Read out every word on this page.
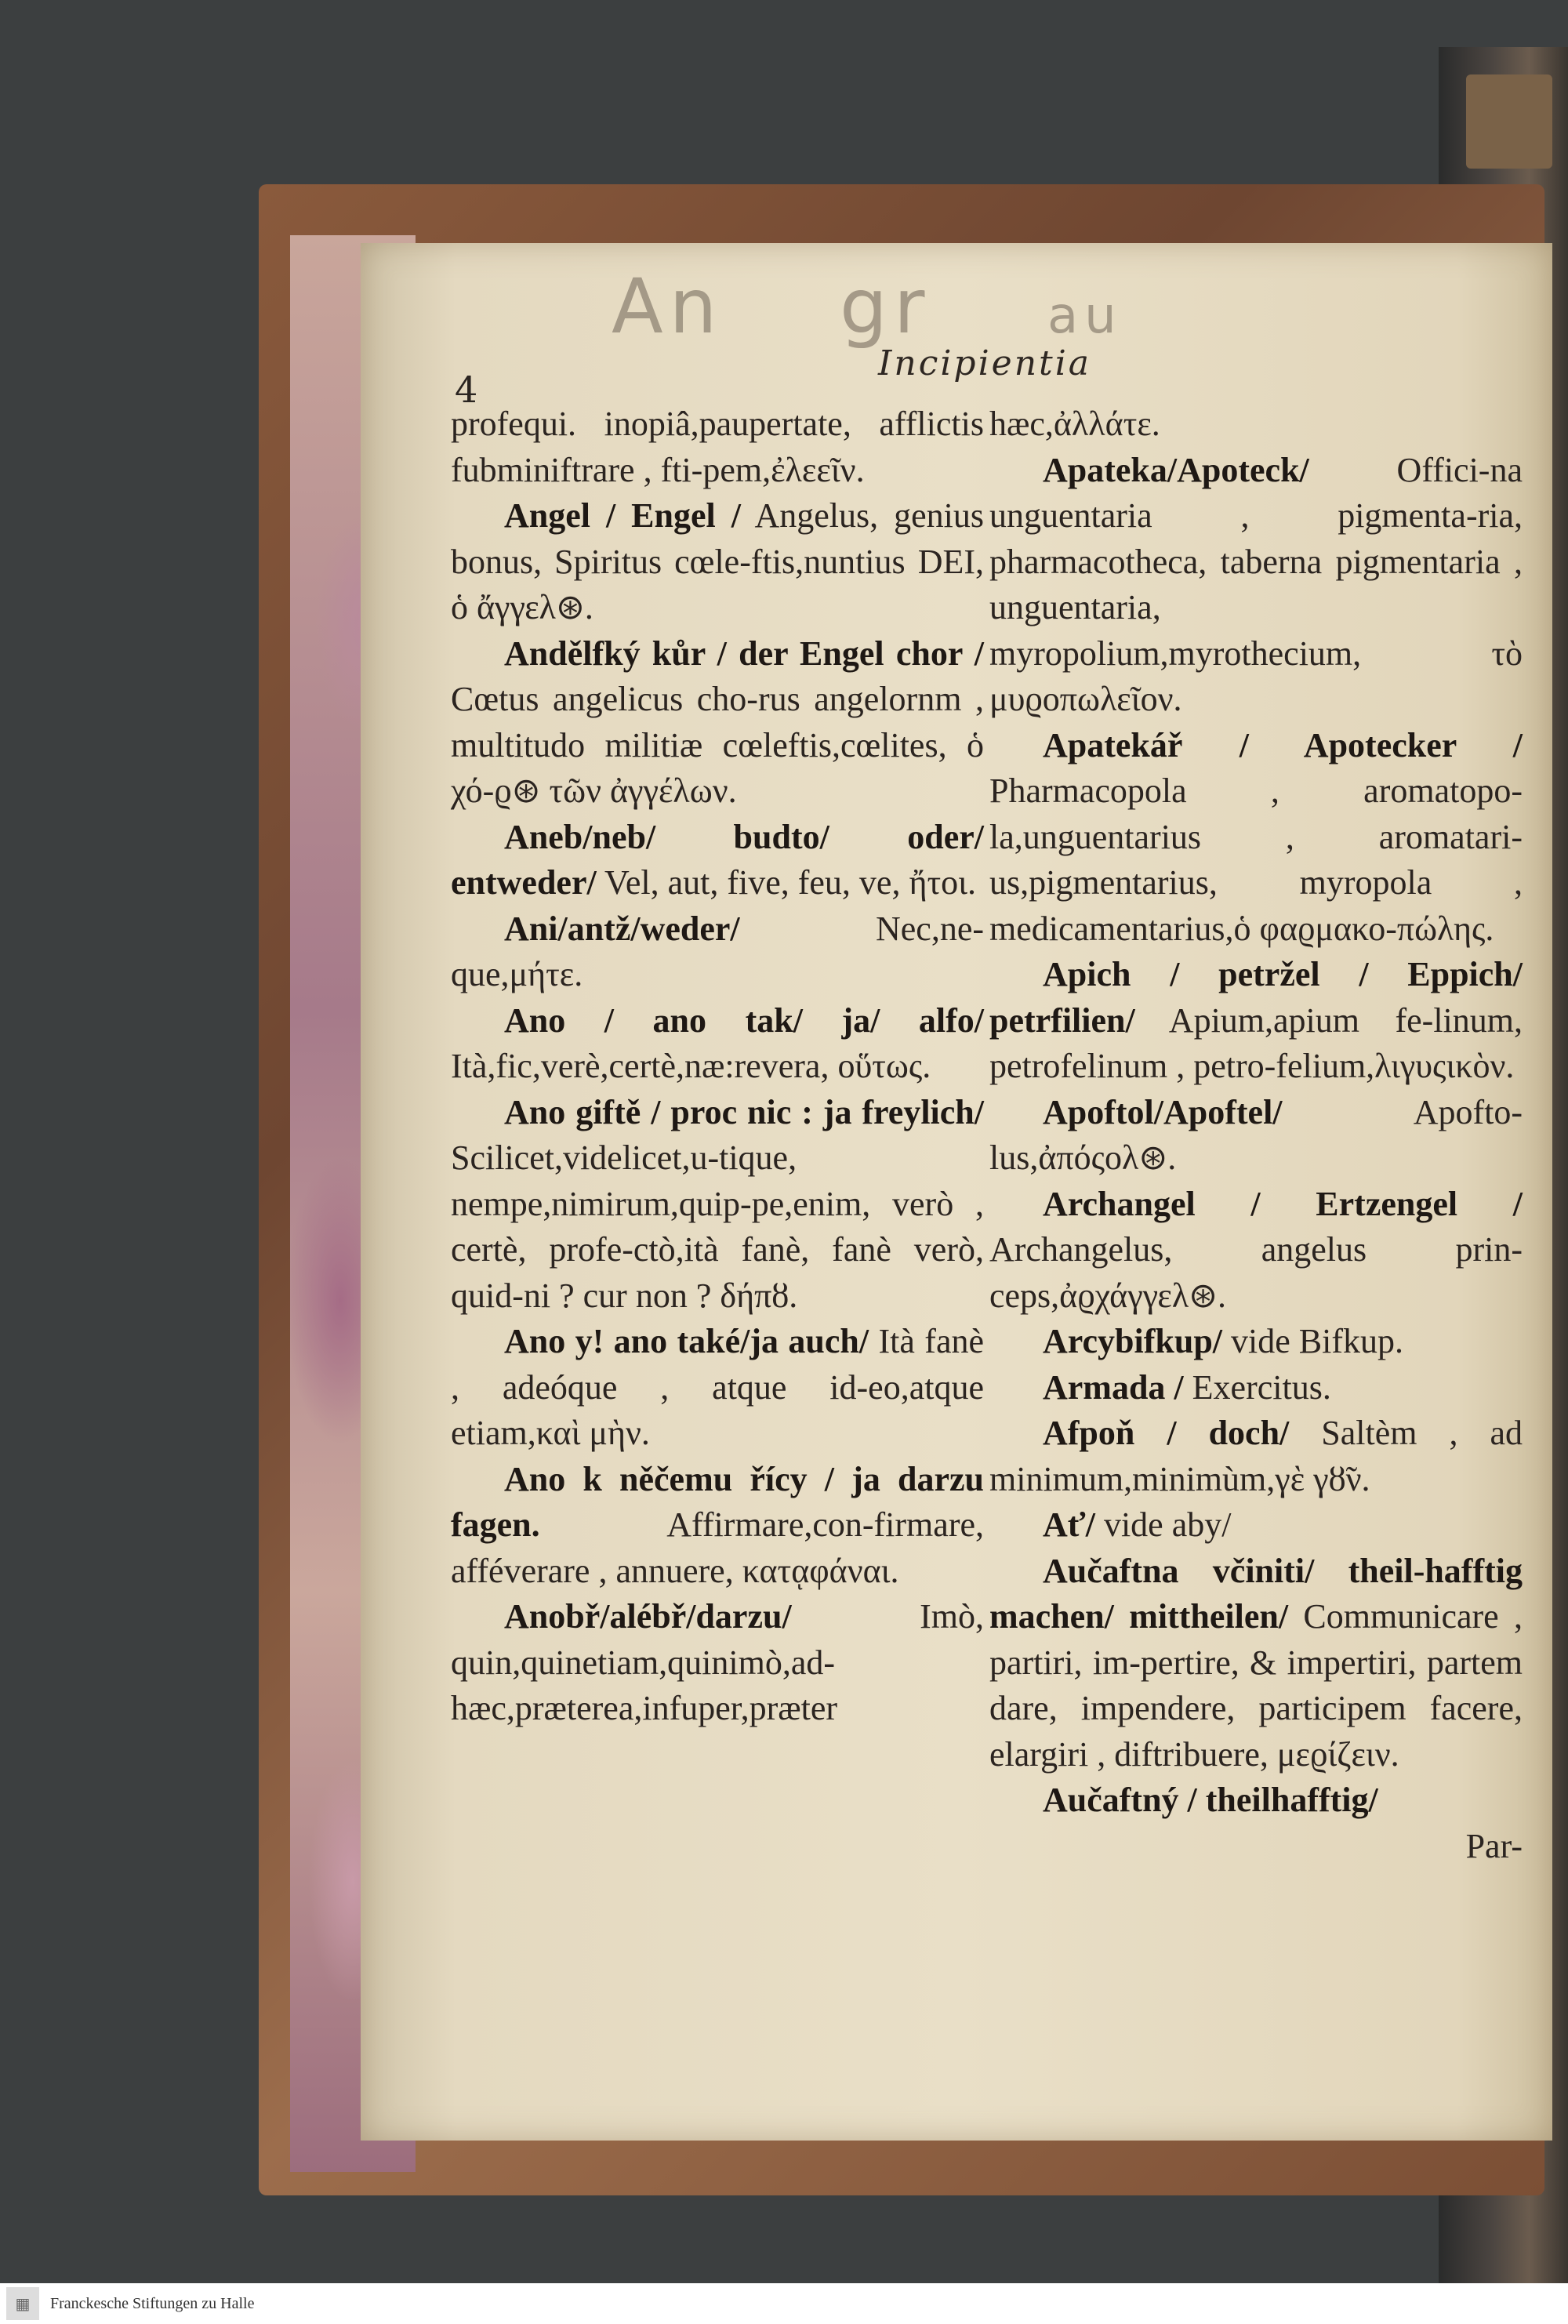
An gr au
4
Incipientia

profequi. inopiâ,paupertate, afflictis fubminiftrare , fti-pem,ἐλεεῖν.

Angel / Engel / Angelus, genius bonus, Spiritus cœle-ftis,nuntius DEI, ὁ ἄγγελ⊛.

Andělfký kůr / der Engel chor / Cœtus angelicus cho-rus angelornm , multitudo militiæ cœleftis,cœlites, ὁ χό-ϱ⊛ τῶν ἀγγέλων.

Aneb/neb/ budto/ oder/ entweder/ Vel, aut, five, feu, ve, ἤτοι.

Ani/antž/weder/	Nec,ne-que,μήτε.

Ano / ano tak/ ja/ alfo/ Ità,fic,verè,certè,næ:revera, οὕτως.

Ano giftě / proc nic : ja freylich/ Scilicet,videlicet,u-tique, nempe,nimirum,quip-pe,enim, verò , certè, profe-ctò,ità fanè, fanè verò, quid-ni ? cur non ? δήπȣ.

Ano y! ano také/ja auch/ Ità fanè , adeóque , atque id-eo,atque etiam,καὶ μὴν.

Ano k něčemu řícy / ja darzu fagen.	Affirmare,con-firmare, afféverare , annuere, κατᾳφάναι.

Anobř/alébř/darzu/	Imò, quin,quinetiam,quinimò,ad-hæc,præterea,infuper,præter

hæc,ἀλλάτε.

Apateka/Apoteck/	Offici-na unguentaria , pigmenta-ria, pharmacotheca, taberna pigmentaria , unguentaria, myropolium,myrothecium, τὸ μυϱοπωλεῖον.

Apatekář / Apotecker / Pharmacopola , aromatopo-la,unguentarius , aromatari-us,pigmentarius, myropola , medicamentarius,ὁ φαϱμακο-πώλης.

Apich / petržel / Eppich/ petrfilien/ Apium,apium fe-linum, petrofelinum , petro-felium,λιγυςικὸν.

Apoftol/Apoftel/	Apofto-lus,ἀπόςολ⊛.

Archangel / Ertzengel / Archangelus, angelus prin-ceps,ἀϱχάγγελ⊛.

Arcybifkup/ vide Bifkup.

Armada / Exercitus.

Afpoň / doch/ Saltèm , ad minimum,minimùm,γὲ γȣ̃ν.

Ať/ vide aby/

Aučaftna včiniti/ theil-hafftig machen/ mittheilen/ Communicare , partiri, im-pertire, & impertiri, partem dare, impendere, participem facere, elargiri , diftribuere, μεϱίζειν.

Aučaftný / theilhafftig/

Par-
▦	Franckesche Stiftungen zu Halle
